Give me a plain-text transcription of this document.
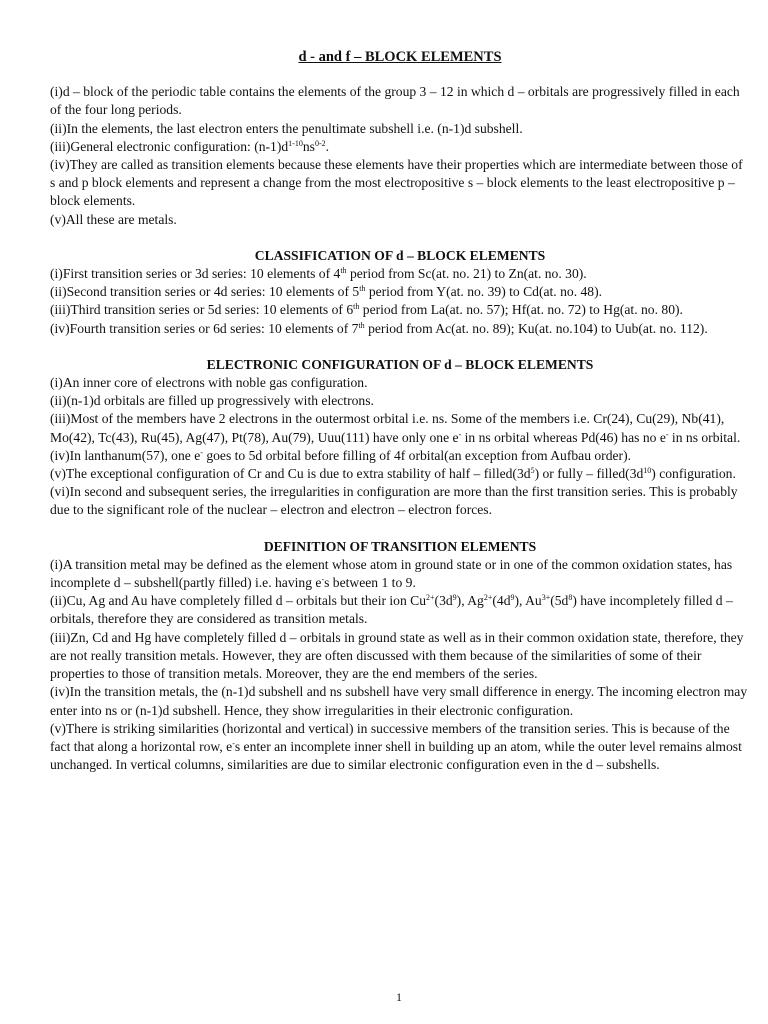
d - and f – BLOCK ELEMENTS

(i)d – block of the periodic table contains the elements of the group 3 – 12 in which d – orbitals are progressively filled in each of the four long periods.

(ii)In the elements, the last electron enters the penultimate subshell i.e. (n-1)d subshell.

(iii)General electronic configuration: $(n-1)d^{1-10}ns^{0-2}$.

(iv)They are called as transition elements because these elements have their properties which are intermediate between those of s and p block elements and represent a change from the most electropositive s – block elements to the least electropositive p – block elements.

(v)All these are metals.

CLASSIFICATION OF d – BLOCK ELEMENTS

(i)First transition series or 3d series: 10 elements of 4th period from Sc(at. no. 21) to Zn(at. no. 30).

(ii)Second transition series or 4d series: 10 elements of 5th period from Y(at. no. 39) to Cd(at. no. 48).

(iii)Third transition series or 5d series: 10 elements of 6th period from La(at. no. 57); Hf(at. no. 72) to Hg(at. no. 80).

(iv)Fourth transition series or 6d series: 10 elements of 7th period from Ac(at. no. 89); Ku(at. no.104) to Uub(at. no. 112).

ELECTRONIC CONFIGURATION OF d – BLOCK ELEMENTS

(i)An inner core of electrons with noble gas configuration.

(ii)(n-1)d orbitals are filled up progressively with electrons.

(iii)Most of the members have 2 electrons in the outermost orbital i.e. ns. Some of the members i.e. Cr(24), Cu(29), Nb(41), Mo(42), Tc(43), Ru(45), Ag(47), Pt(78), Au(79), Uuu(111) have only one e- in ns orbital whereas Pd(46) has no e- in ns orbital.

(iv)In lanthanum(57), one e- goes to 5d orbital before filling of 4f orbital(an exception from Aufbau order).

(v)The exceptional configuration of Cr and Cu is due to extra stability of half – $filled(3d^5)$ or fully – $filled(3d^{10})$ configuration.

(vi)In second and subsequent series, the irregularities in configuration are more than the first transition series. This is probably due to the significant role of the nuclear – electron and electron – electron forces.

DEFINITION OF TRANSITION ELEMENTS

(i)A transition metal may be defined as the element whose atom in ground state or in one of the common oxidation states, has incomplete d – subshell(partly filled) i.e. having e-s between 1 to 9.

(ii)Cu, Ag and Au have completely filled d – orbitals but their ion $Cu^{2+}(3d^9)$, $Ag^{2+}(4d^9)$, $Au^{3+}(5d^8)$ have incompletely filled d – orbitals, therefore they are considered as transition metals.

(iii)Zn, Cd and Hg have completely filled d – orbitals in ground state as well as in their common oxidation state, therefore, they are not really transition metals. However, they are often discussed with them because of the similarities of some of their properties to those of transition metals. Moreover, they are the end members of the series.

(iv)In the transition metals, the (n-1)d subshell and ns subshell have very small difference in energy. The incoming electron may enter into ns or (n-1)d subshell. Hence, they show irregularities in their electronic configuration.

(v)There is striking similarities (horizontal and vertical) in successive members of the transition series. This is because of the fact that along a horizontal row, e-s enter an incomplete inner shell in building up an atom, while the outer level remains almost unchanged. In vertical columns, similarities are due to similar electronic configuration even in the d – subshells.

1
